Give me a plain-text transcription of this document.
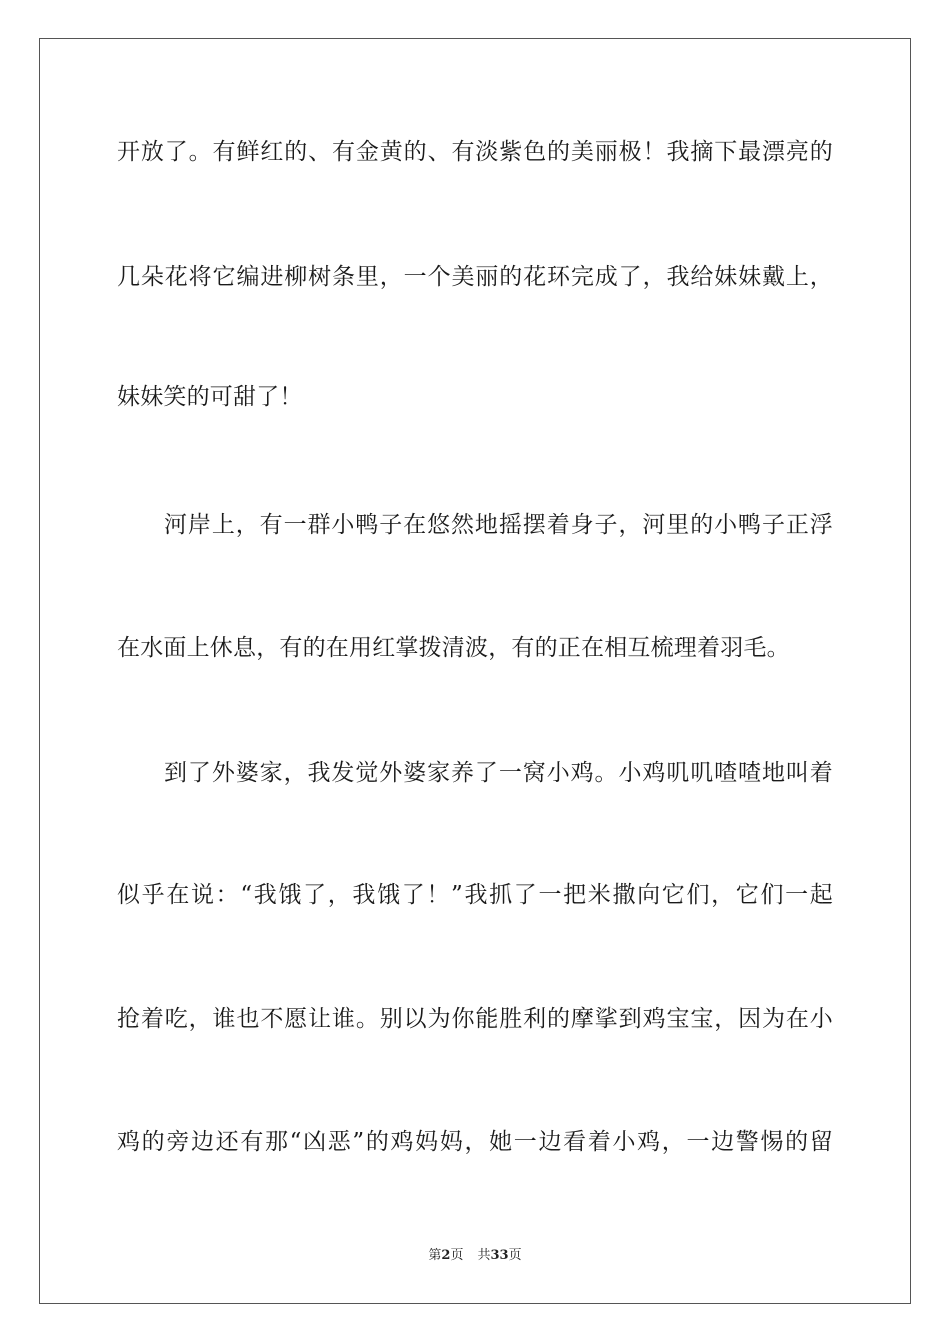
开放了。有鲜红的、有金黄的、有淡紫色的美丽极！我摘下最漂亮的
几朵花将它编进柳树条里，一个美丽的花环完成了，我给妹妹戴上，
妹妹笑的可甜了！
河岸上，有一群小鸭子在悠然地摇摆着身子，河里的小鸭子正浮
在水面上休息，有的在用红掌拨清波，有的正在相互梳理着羽毛。
到了外婆家，我发觉外婆家养了一窝小鸡。小鸡叽叽喳喳地叫着
似乎在说：“我饿了，我饿了！”我抓了一把米撒向它们，它们一起
抢着吃，谁也不愿让谁。别以为你能胜利的摩挲到鸡宝宝，因为在小
鸡的旁边还有那“凶恶”的鸡妈妈，她一边看着小鸡，一边警惕的留
第2页 共33页
